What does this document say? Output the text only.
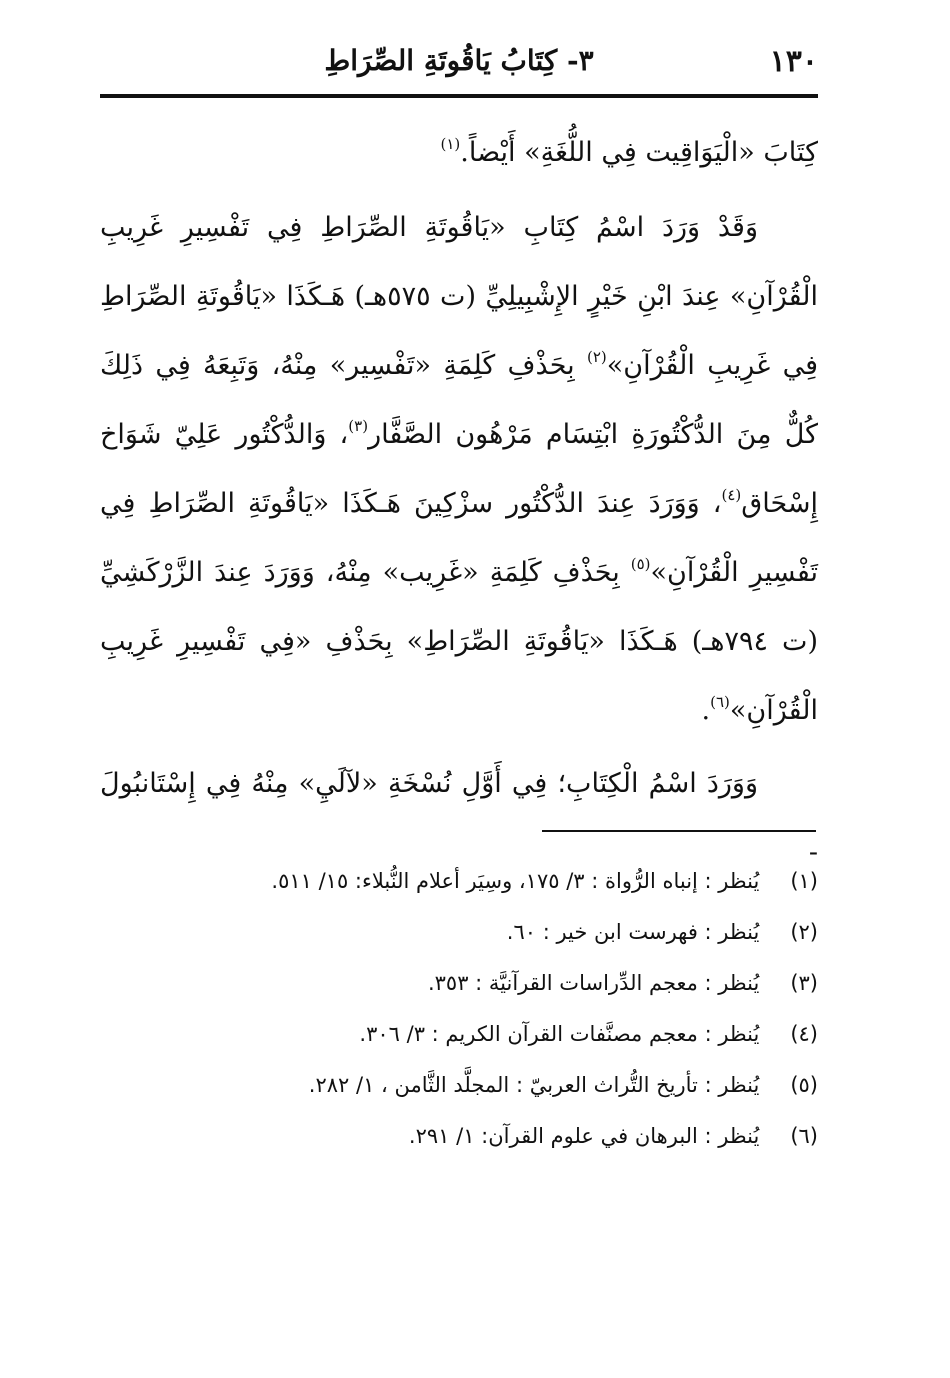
١٣٠
٣- كِتَابُ يَاقُوتَةِ الصِّرَاطِ

كِتَابَ «الْيَوَاقِيت فِي اللُّغَةِ» أَيْضاً.$^{(١)}$

وَقَدْ وَرَدَ اسْمُ كِتَابِ «يَاقُوتَةِ الصِّرَاطِ فِي تَفْسِيرِ غَرِيبِ الْقُرْآنِ» عِندَ ابْنِ خَيْرٍ الإِشْبِيلِيِّ (ت ٥٧٥هـ) هَـكَذَا «يَاقُوتَةِ الصِّرَاطِ فِي غَرِيبِ الْقُرْآنِ»$^{(٢)}$ بِحَذْفِ كَلِمَةِ «تَفْسِير» مِنْهُ، وَتَبِعَهُ فِي ذَلِكَ كُلٌّ مِنَ الدُّكْتُورَةِ ابْتِسَام مَرْهُون الصَّفَّار$^{(٣)}$، وَالدُّكْتُور عَلِيّ شَوَاخ إِسْحَاق$^{(٤)}$، وَوَرَدَ عِندَ الدُّكْتُور سزْكِينَ هَـكَذَا «يَاقُوتَةِ الصِّرَاطِ فِي تَفْسِيرِ الْقُرْآنِ»$^{(٥)}$ بِحَذْفِ كَلِمَةِ «غَرِيب» مِنْهُ، وَوَرَدَ عِندَ الزَّرْكَشِيِّ (ت ٧٩٤هـ) هَـكَذَا «يَاقُوتَةِ الصِّرَاطِ» بِحَذْفِ «فِي تَفْسِيرِ غَرِيبِ الْقُرْآنِ»$^{(٦)}$.

وَوَرَدَ اسْمُ الْكِتَابِ؛ فِي أَوَّلِ نُسْخَةِ «لآلَيِ» مِنْهُ فِي إِسْتَانبُولَ -

(١) يُنظر : إنباه الرُّواة : ٣/ ١٧٥، وسِيَر أعلام النُّبلاء: ١٥/ ٥١١.
(٢) يُنظر : فهرست ابن خير : ٦٠.
(٣) يُنظر : معجم الدِّراسات القرآنيَّة : ٣٥٣.
(٤) يُنظر : معجم مصنَّفات القرآن الكريم : ٣/ ٣٠٦.
(٥) يُنظر : تأريخ التُّراث العربيّ : المجلَّد الثَّامن ، ١/ ٢٨٢.
(٦) يُنظر : البرهان في علوم القرآن: ١/ ٢٩١.
